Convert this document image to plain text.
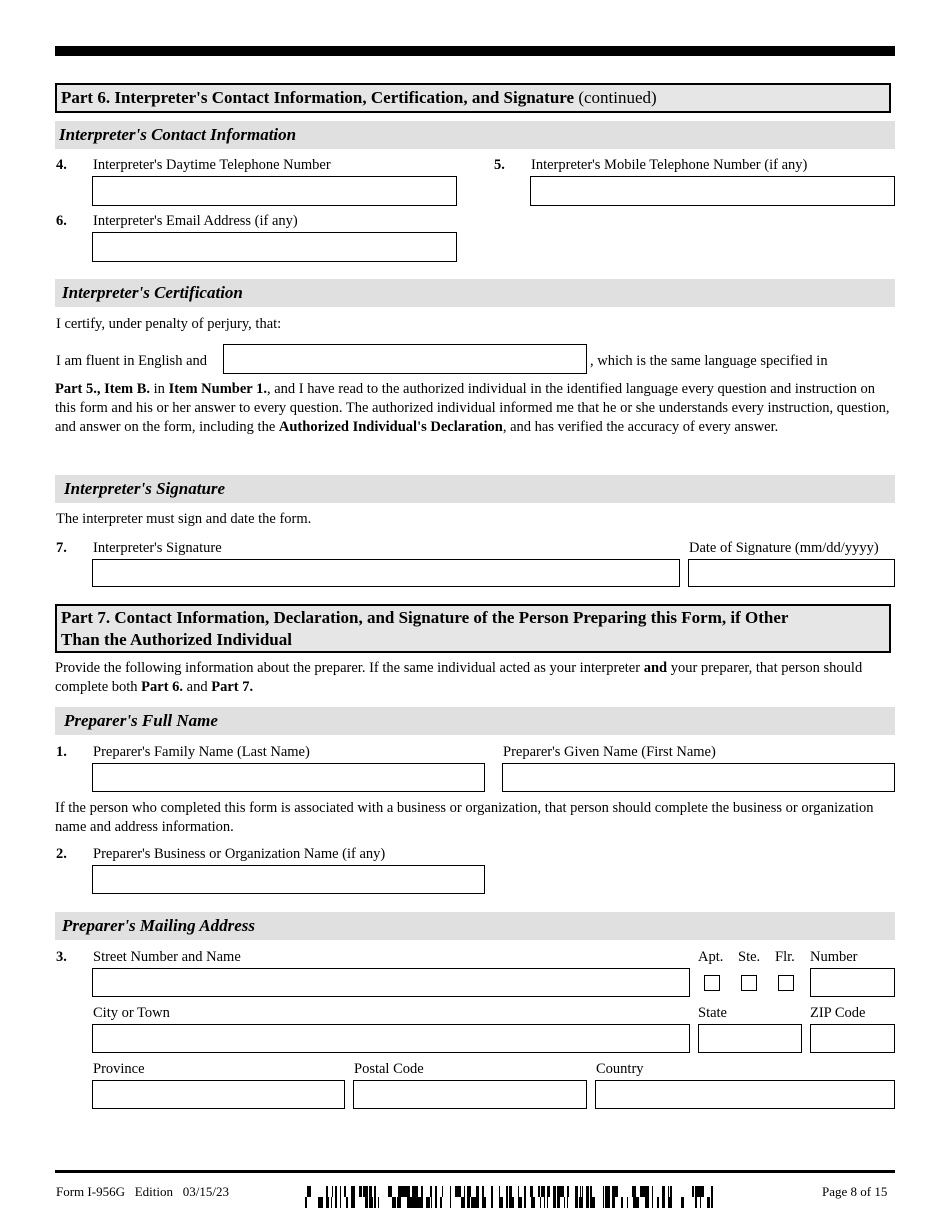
Part 6. Interpreter's Contact Information, Certification, and Signature (continued)
Interpreter's Contact Information
4. Interpreter's Daytime Telephone Number	5. Interpreter's Mobile Telephone Number (if any)
6. Interpreter's Email Address (if any)
Interpreter's Certification
I certify, under penalty of perjury, that:
I am fluent in English and	, which is the same language specified in
Part 5., Item B. in Item Number 1., and I have read to the authorized individual in the identified language every question and instruction on this form and his or her answer to every question. The authorized individual informed me that he or she understands every instruction, question, and answer on the form, including the Authorized Individual's Declaration, and has verified the accuracy of every answer.
Interpreter's Signature
The interpreter must sign and date the form.
7. Interpreter's Signature	Date of Signature (mm/dd/yyyy)
Part 7. Contact Information, Declaration, and Signature of the Person Preparing this Form, if Other
Than the Authorized Individual
Provide the following information about the preparer. If the same individual acted as your interpreter and your preparer, that person should complete both Part 6. and Part 7.
Preparer's Full Name
1. Preparer's Family Name (Last Name)	Preparer's Given Name (First Name)
If the person who completed this form is associated with a business or organization, that person should complete the business or organization name and address information.
2. Preparer's Business or Organization Name (if any)
Preparer's Mailing Address
3. Street Number and Name	Apt. Ste. Flr. Number
City or Town	State	ZIP Code
Province	Postal Code	Country
Form I-956G   Edition   03/15/23	Page 8 of 15
